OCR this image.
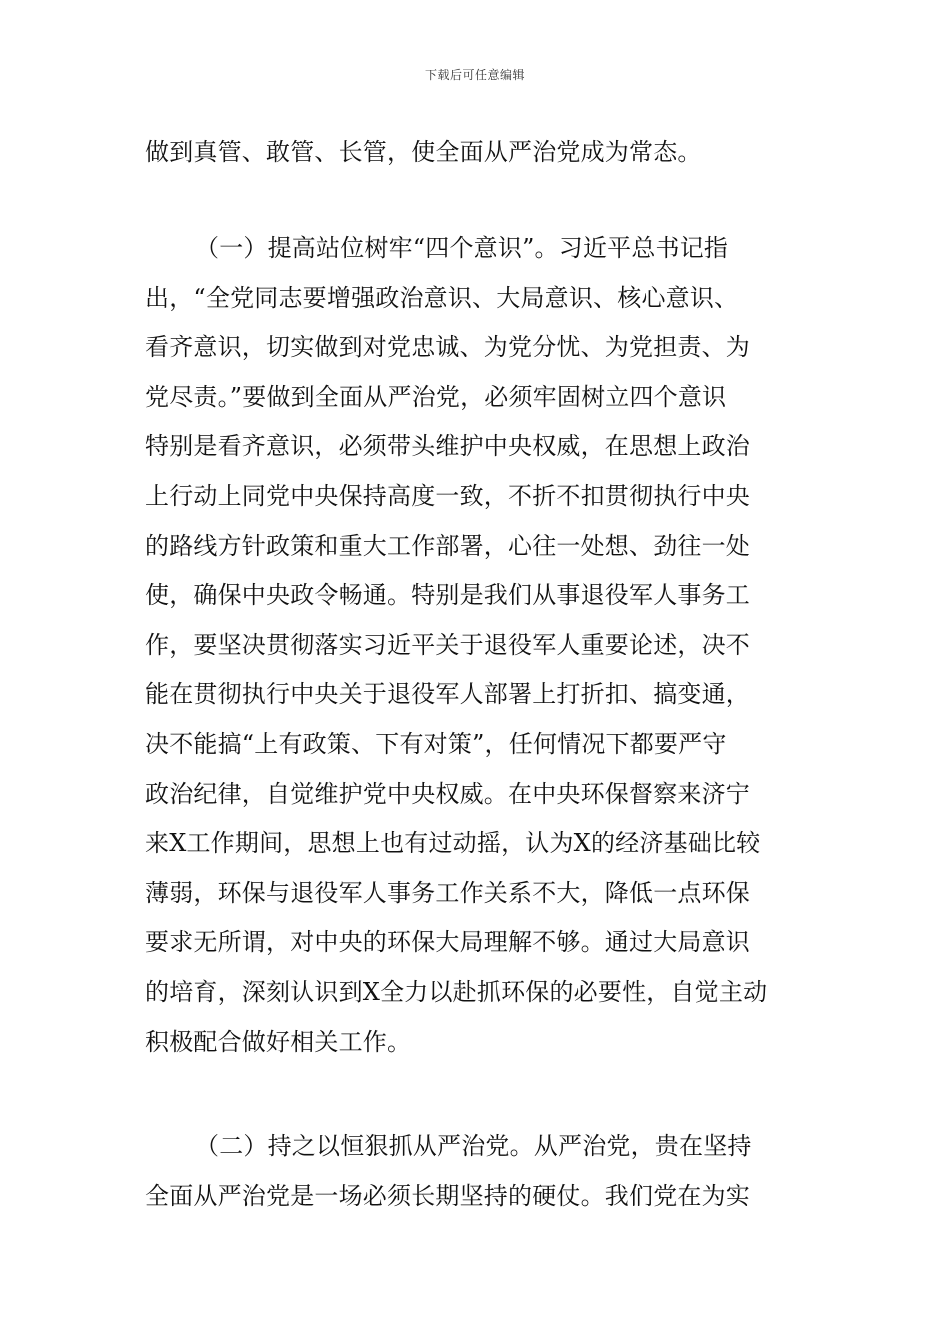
下载后可任意编辑
做到真管、敢管、长管，使全面从严治党成为常态。
（一）提高站位树牢“四个意识”。习近平总书记指
出，“全党同志要增强政治意识、大局意识、核心意识、
看齐意识，切实做到对党忠诚、为党分忧、为党担责、为
党尽责。”要做到全面从严治党，必须牢固树立四个意识
特别是看齐意识，必须带头维护中央权威，在思想上政治
上行动上同党中央保持高度一致，不折不扣贯彻执行中央
的路线方针政策和重大工作部署，心往一处想、劲往一处
使，确保中央政令畅通。特别是我们从事退役军人事务工
作，要坚决贯彻落实习近平关于退役军人重要论述，决不
能在贯彻执行中央关于退役军人部署上打折扣、搞变通，
决不能搞“上有政策、下有对策”，任何情况下都要严守
政治纪律，自觉维护党中央权威。在中央环保督察来济宁
来X工作期间，思想上也有过动摇，认为X的经济基础比较
薄弱，环保与退役军人事务工作关系不大，降低一点环保
要求无所谓，对中央的环保大局理解不够。通过大局意识
的培育，深刻认识到X全力以赴抓环保的必要性，自觉主动
积极配合做好相关工作。
（二）持之以恒狠抓从严治党。从严治党，贵在坚持
全面从严治党是一场必须长期坚持的硬仗。我们党在为实
